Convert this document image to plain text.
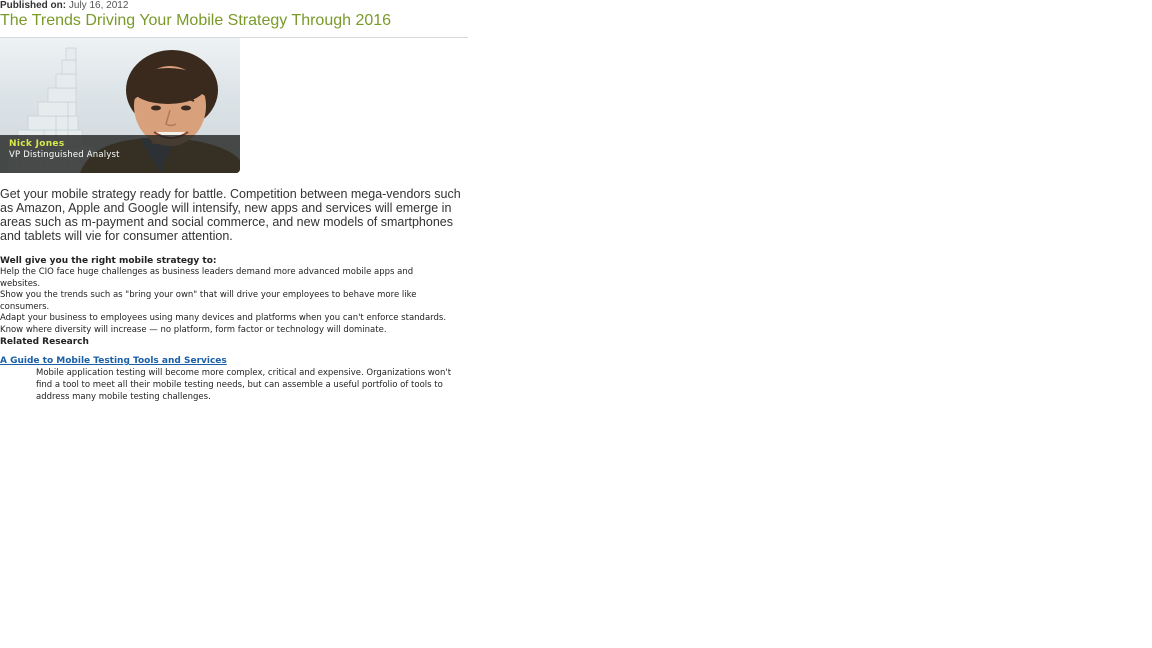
Published on: July 16, 2012

The Trends Driving Your Mobile Strategy Through 2016
Nick Jones
VP Distinguished Analyst

Get your mobile strategy ready for battle. Competition between mega-vendors such as Amazon, Apple and Google will intensify, new apps and services will emerge in areas such as m-payment and social commerce, and new models of smartphones and tablets will vie for consumer attention.

Well give you the right mobile strategy to:

Help the CIO face huge challenges as business leaders demand more advanced mobile apps and websites.
Show you the trends such as "bring your own" that will drive your employees to behave more like consumers.
Adapt your business to employees using many devices and platforms when you can't enforce standards.
Know where diversity will increase — no platform, form factor or technology will dominate.

Related Research

A Guide to Mobile Testing Tools and Services

Mobile application testing will become more complex, critical and expensive. Organizations won't find a tool to meet all their mobile testing needs, but can assemble a useful portfolio of tools to address many mobile testing challenges.
